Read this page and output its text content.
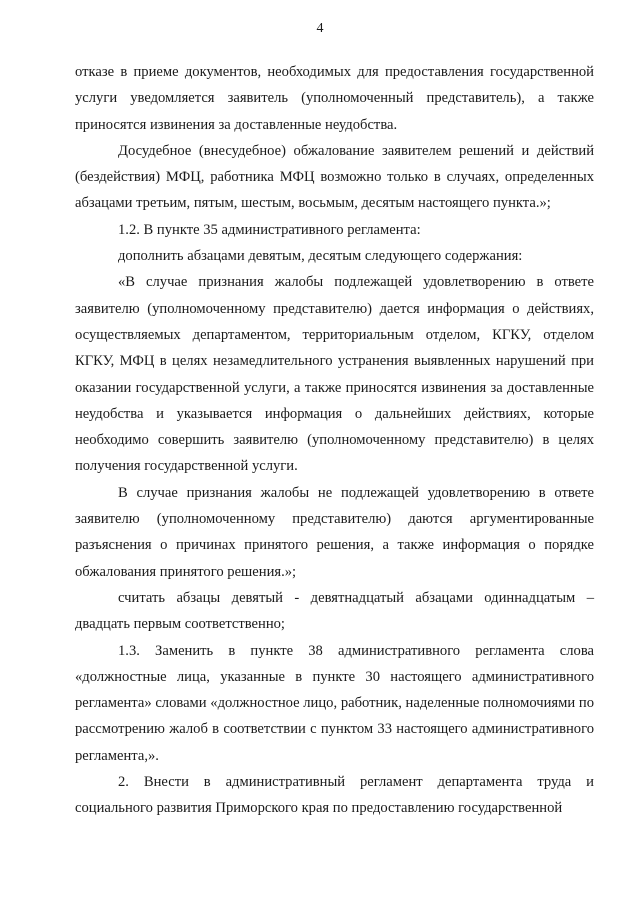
4

отказе в приеме документов, необходимых для предоставления государственной услуги уведомляется заявитель (уполномоченный представитель), а также приносятся извинения за доставленные неудобства.

Досудебное (внесудебное) обжалование заявителем решений и действий (бездействия) МФЦ, работника МФЦ возможно только в случаях, определенных абзацами третьим, пятым, шестым, восьмым, десятым настоящего пункта.»;

1.2. В пункте 35 административного регламента:

дополнить абзацами девятым, десятым следующего содержания:

«В случае признания жалобы подлежащей удовлетворению в ответе заявителю (уполномоченному представителю) дается информация о действиях, осуществляемых департаментом, территориальным отделом, КГКУ, отделом КГКУ, МФЦ в целях незамедлительного устранения выявленных нарушений при оказании государственной услуги, а также приносятся извинения за доставленные неудобства и указывается информация о дальнейших действиях, которые необходимо совершить заявителю (уполномоченному представителю) в целях получения государственной услуги.

В случае признания жалобы не подлежащей удовлетворению в ответе заявителю (уполномоченному представителю) даются аргументированные разъяснения о причинах принятого решения, а также информация о порядке обжалования принятого решения.»;

считать абзацы девятый - девятнадцатый абзацами одиннадцатым – двадцать первым соответственно;

1.3. Заменить в пункте 38 административного регламента слова «должностные лица, указанные в пункте 30 настоящего административного регламента» словами «должностное лицо, работник, наделенные полномочиями по рассмотрению жалоб в соответствии с пунктом 33 настоящего административного регламента,».

2. Внести в административный регламент департамента труда и социального развития Приморского края по предоставлению государственной
